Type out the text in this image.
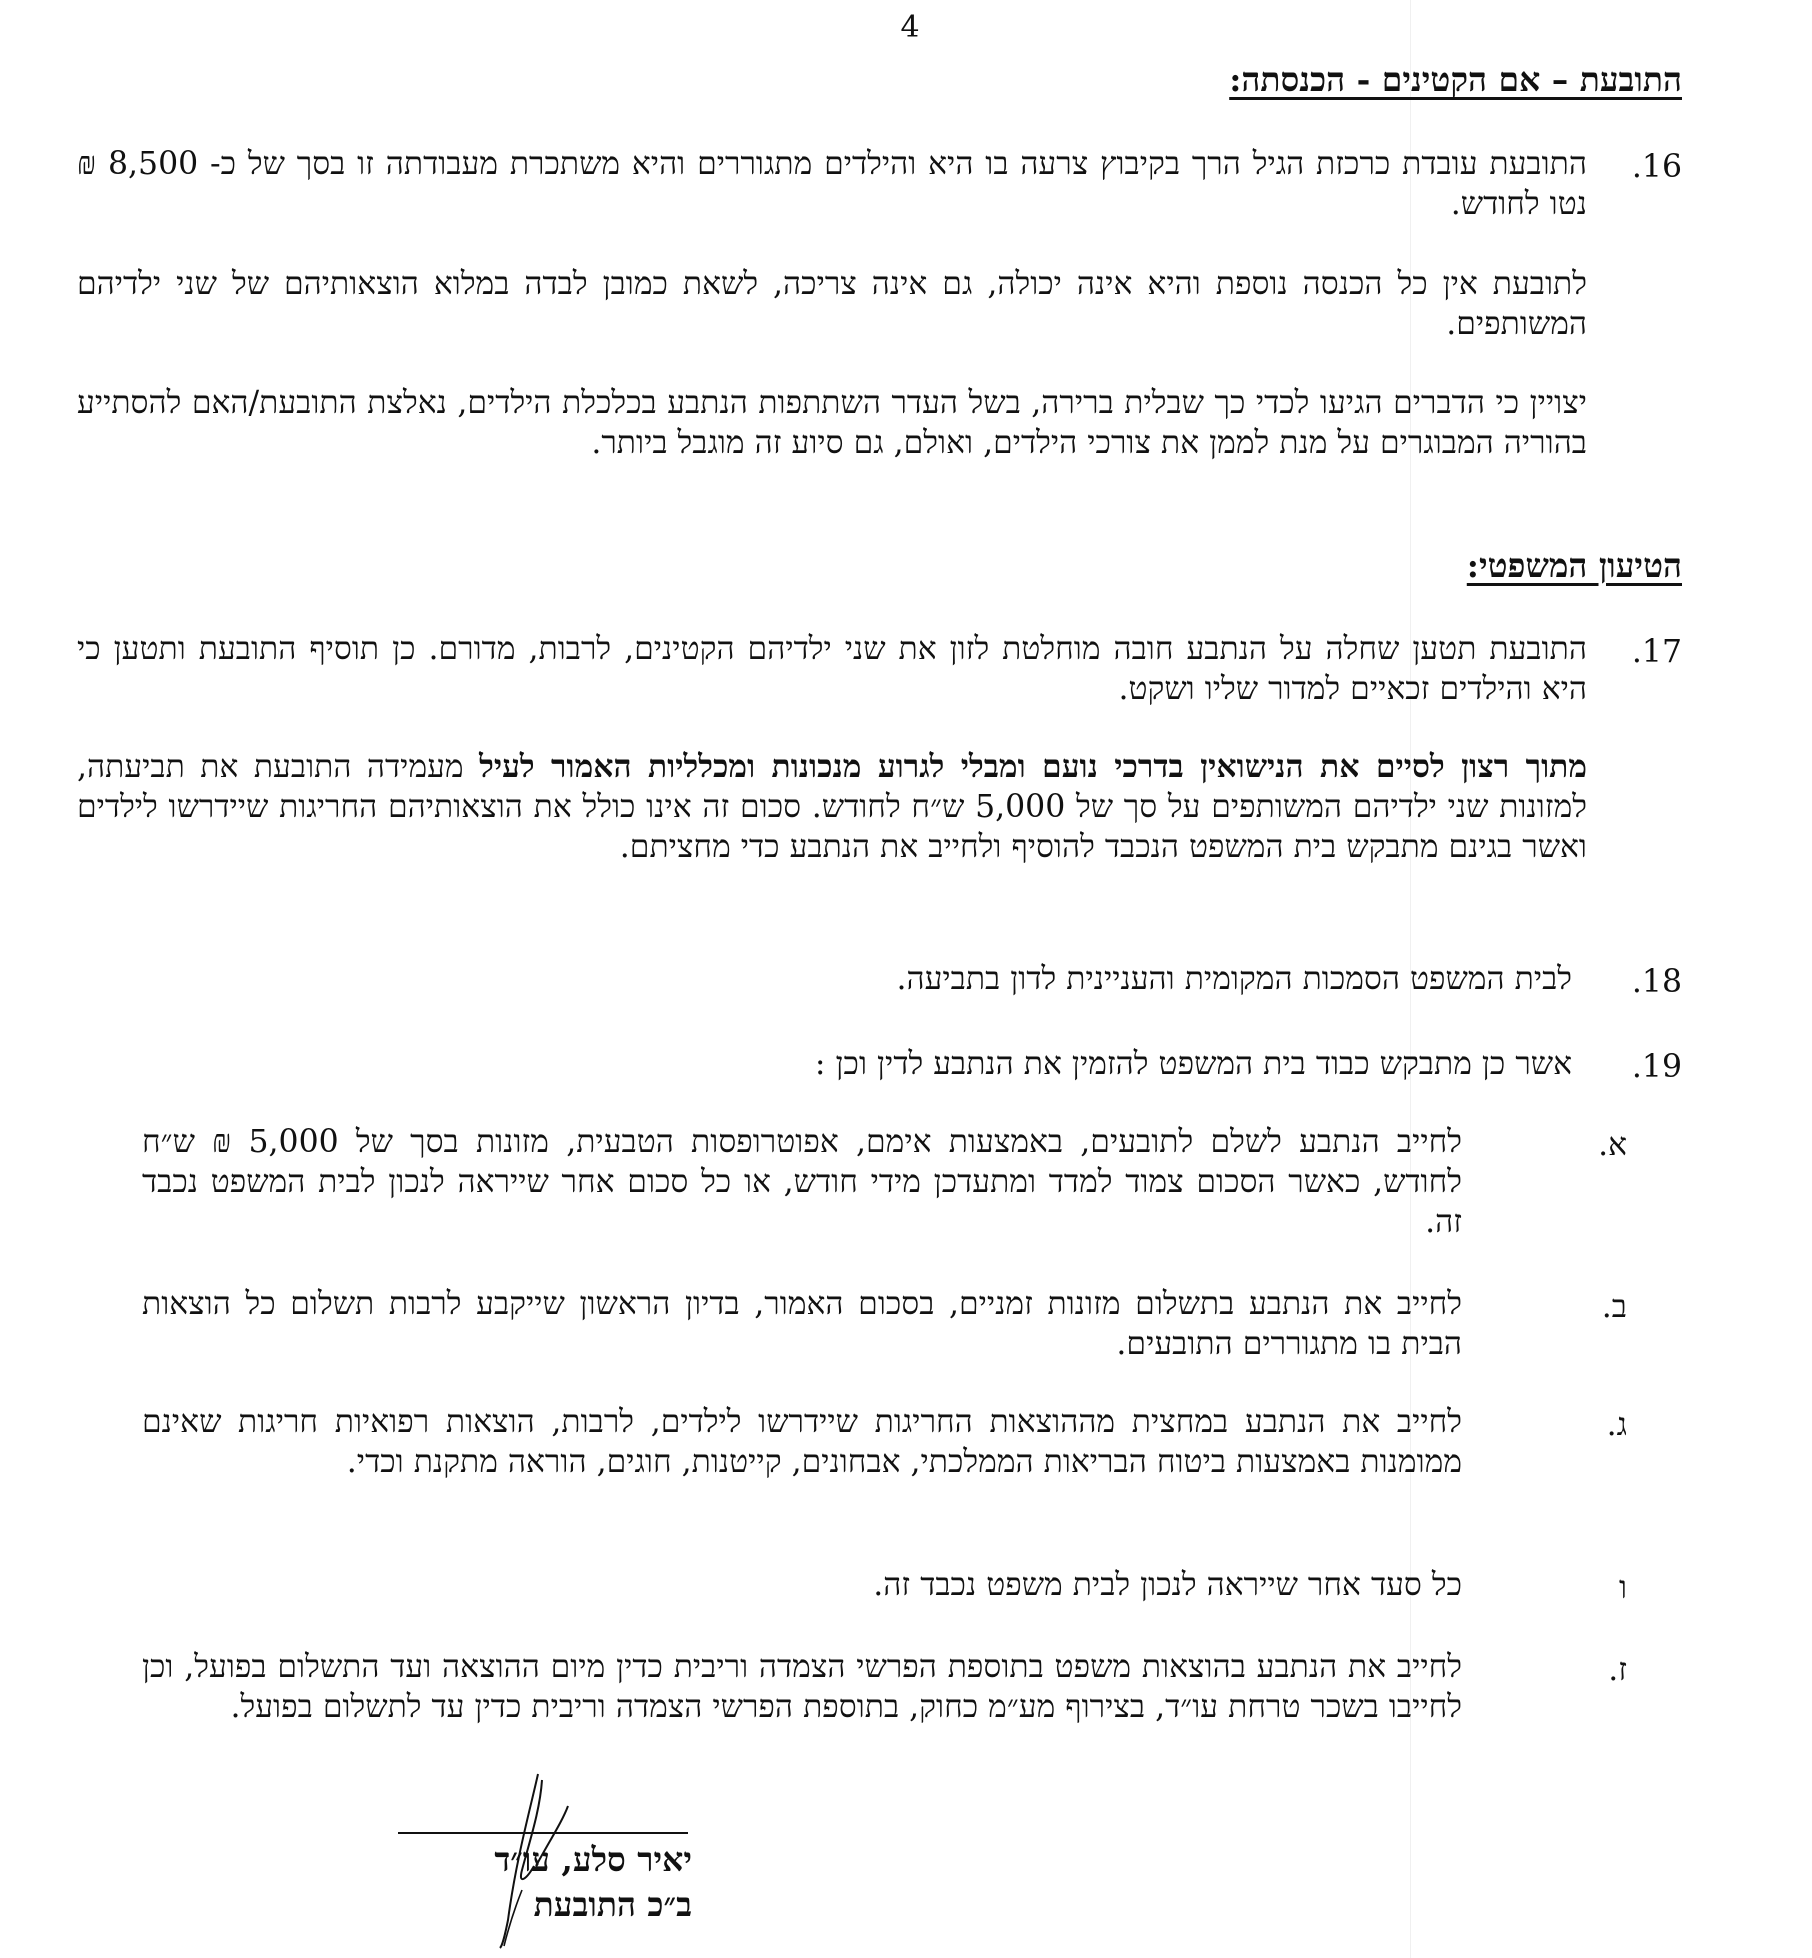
4
התובעת – אם הקטינים - הכנסתה:
.16
התובעת עובדת כרכזת הגיל הרך בקיבוץ צרעה בו היא והילדים מתגוררים והיא משתכרת מעבודתה זו בסך של כ- 8,500 ₪ נטו לחודש.
לתובעת אין כל הכנסה נוספת והיא אינה יכולה, גם אינה צריכה, לשאת כמובן לבדה במלוא הוצאותיהם של שני ילדיהם המשותפים.
יצויין כי הדברים הגיעו לכדי כך שבלית ברירה, בשל העדר השתתפות הנתבע בכלכלת הילדים, נאלצת התובעת/האם להסתייע בהוריה המבוגרים על מנת לממן את צורכי הילדים, ואולם, גם סיוע זה מוגבל ביותר.
הטיעון המשפטי:
.17
התובעת תטען שחלה על הנתבע חובה מוחלטת לזון את שני ילדיהם הקטינים, לרבות, מדורם. כן תוסיף התובעת ותטען כי היא והילדים זכאיים למדור שליו ושקט.
מתוך רצון לסיים את הנישואין בדרכי נועם ומבלי לגרוע מנכונות ומכלליות האמור לעיל מעמידה התובעת את תביעתה, למזונות שני ילדיהם המשותפים על סך של 5,000 ש״ח לחודש. סכום זה אינו כולל את הוצאותיהם החריגות שיידרשו לילדים ואשר בגינם מתבקש בית המשפט הנכבד להוסיף ולחייב את הנתבע כדי מחציתם.
.18
לבית המשפט הסמכות המקומית והעניינית לדון בתביעה.
.19
אשר כן מתבקש כבוד בית המשפט להזמין את הנתבע לדין וכן :
א.
לחייב הנתבע לשלם לתובעים, באמצעות אימם, אפוטרופסות הטבעית, מזונות בסך של 5,000 ₪ ש״ח לחודש, כאשר הסכום צמוד למדד ומתעדכן מידי חודש, או כל סכום אחר שייראה לנכון לבית המשפט נכבד זה.
ב.
לחייב את הנתבע בתשלום מזונות זמניים, בסכום האמור, בדיון הראשון שייקבע לרבות תשלום כל הוצאות הבית בו מתגוררים התובעים.
ג.
לחייב את הנתבע במחצית מההוצאות החריגות שיידרשו לילדים, לרבות, הוצאות רפואיות חריגות שאינם ממומנות באמצעות ביטוח הבריאות הממלכתי, אבחונים, קייטנות, חוגים, הוראה מתקנת וכדי.
ו
כל סעד אחר שייראה לנכון לבית משפט נכבד זה.
ז.
לחייב את הנתבע בהוצאות משפט בתוספת הפרשי הצמדה וריבית כדין מיום ההוצאה ועד התשלום בפועל, וכן לחייבו בשכר טרחת עו״ד, בצירוף מע״מ כחוק, בתוספת הפרשי הצמדה וריבית כדין עד לתשלום בפועל.
יאיר סלע, עו״ד
ב״כ התובעת
